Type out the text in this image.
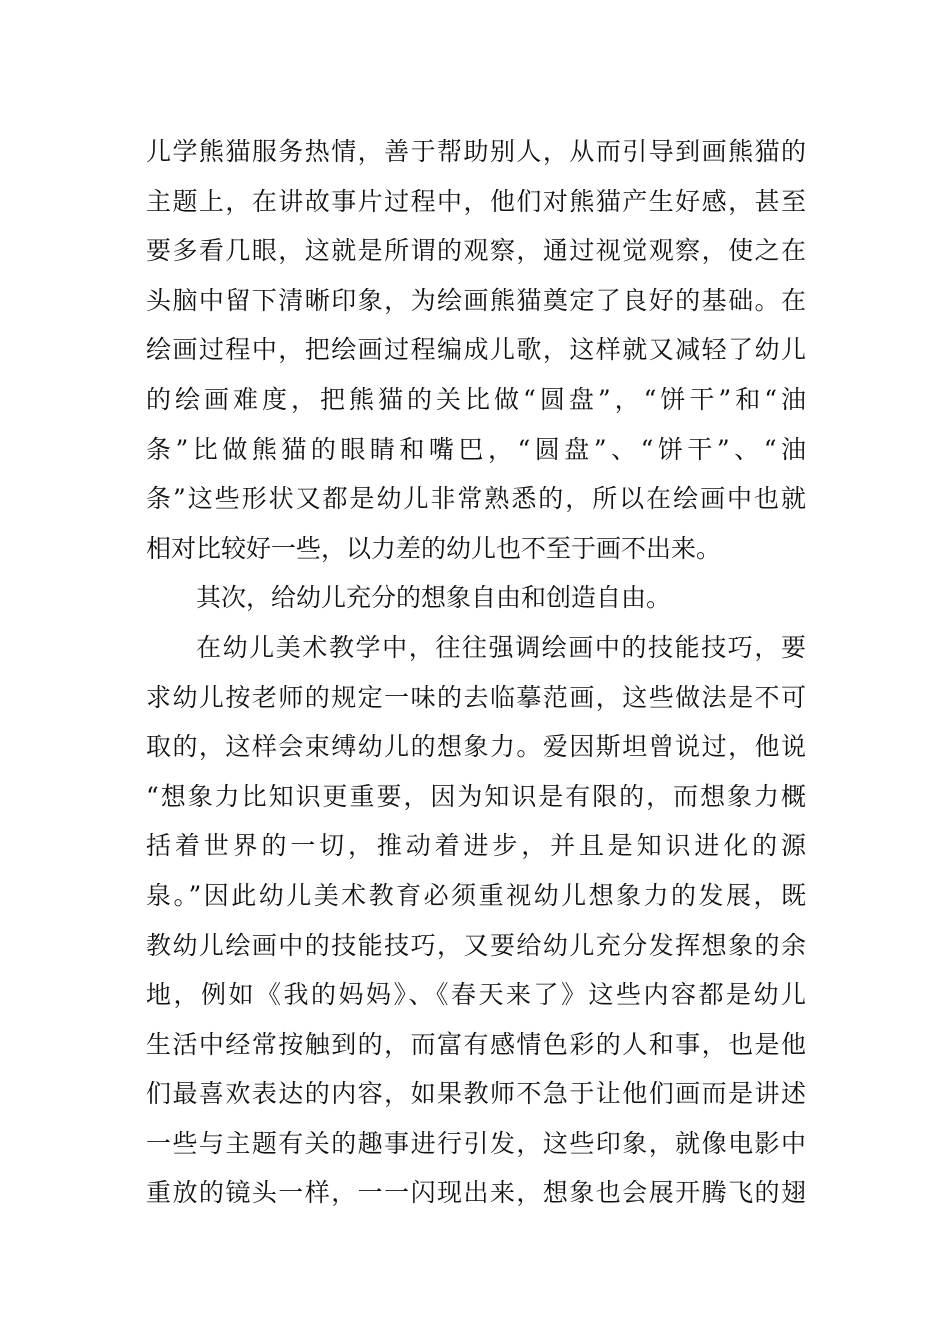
儿学熊猫服务热情，善于帮助别人，从而引导到画熊猫的
主题上，在讲故事片过程中，他们对熊猫产生好感，甚至
要多看几眼，这就是所谓的观察，通过视觉观察，使之在
头脑中留下清晰印象，为绘画熊猫奠定了良好的基础。在
绘画过程中，把绘画过程编成儿歌，这样就又减轻了幼儿
的绘画难度，把熊猫的关比做“圆盘”，“饼干”和“油
条”比做熊猫的眼睛和嘴巴，“圆盘”、“饼干”、“油
条”这些形状又都是幼儿非常熟悉的，所以在绘画中也就
相对比较好一些，以力差的幼儿也不至于画不出来。
其次，给幼儿充分的想象自由和创造自由。
在幼儿美术教学中，往往强调绘画中的技能技巧，要
求幼儿按老师的规定一味的去临摹范画，这些做法是不可
取的，这样会束缚幼儿的想象力。爱因斯坦曾说过，他说
“想象力比知识更重要，因为知识是有限的，而想象力概
括着世界的一切，推动着进步，并且是知识进化的源
泉。”因此幼儿美术教育必须重视幼儿想象力的发展，既
教幼儿绘画中的技能技巧，又要给幼儿充分发挥想象的余
地，例如《我的妈妈》、《春天来了》这些内容都是幼儿
生活中经常按触到的，而富有感情色彩的人和事，也是他
们最喜欢表达的内容，如果教师不急于让他们画而是讲述
一些与主题有关的趣事进行引发，这些印象，就像电影中
重放的镜头一样，一一闪现出来，想象也会展开腾飞的翅
